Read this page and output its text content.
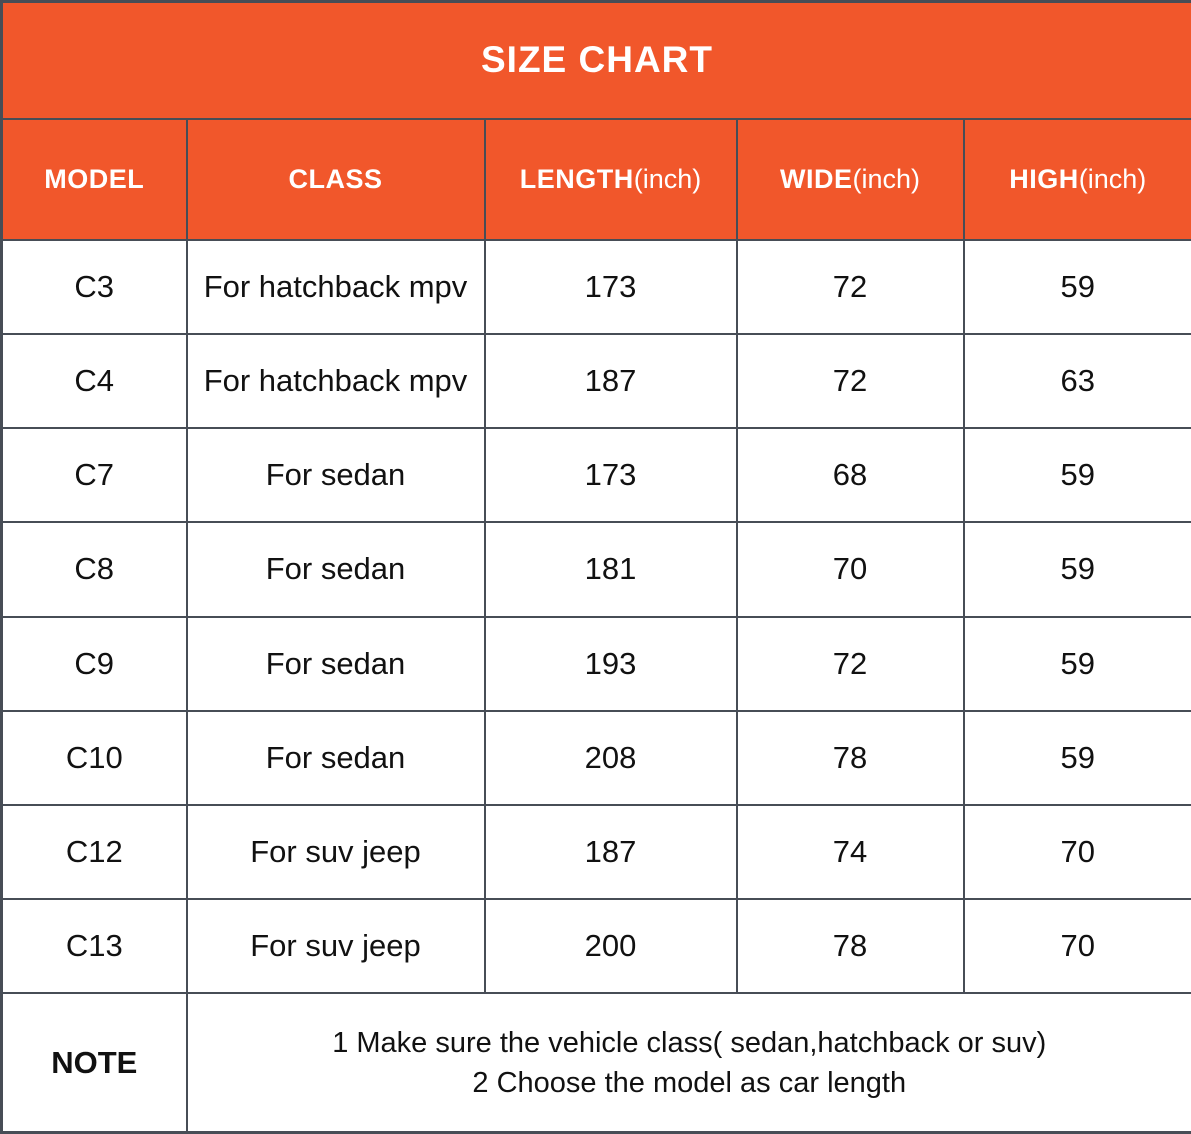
SIZE CHART				
MODEL	CLASS	LENGTH(inch)	WIDE(inch)	HIGH(inch)
C3	For hatchback mpv	173	72	59
C4	For hatchback mpv	187	72	63
C7	For sedan	173	68	59
C8	For sedan	181	70	59
C9	For sedan	193	72	59
C10	For sedan	208	78	59
C12	For suv jeep	187	74	70
C13	For suv jeep	200	78	70
NOTE	1 Make sure the vehicle class( sedan,hatchback or suv)
2 Choose the model as car length			
